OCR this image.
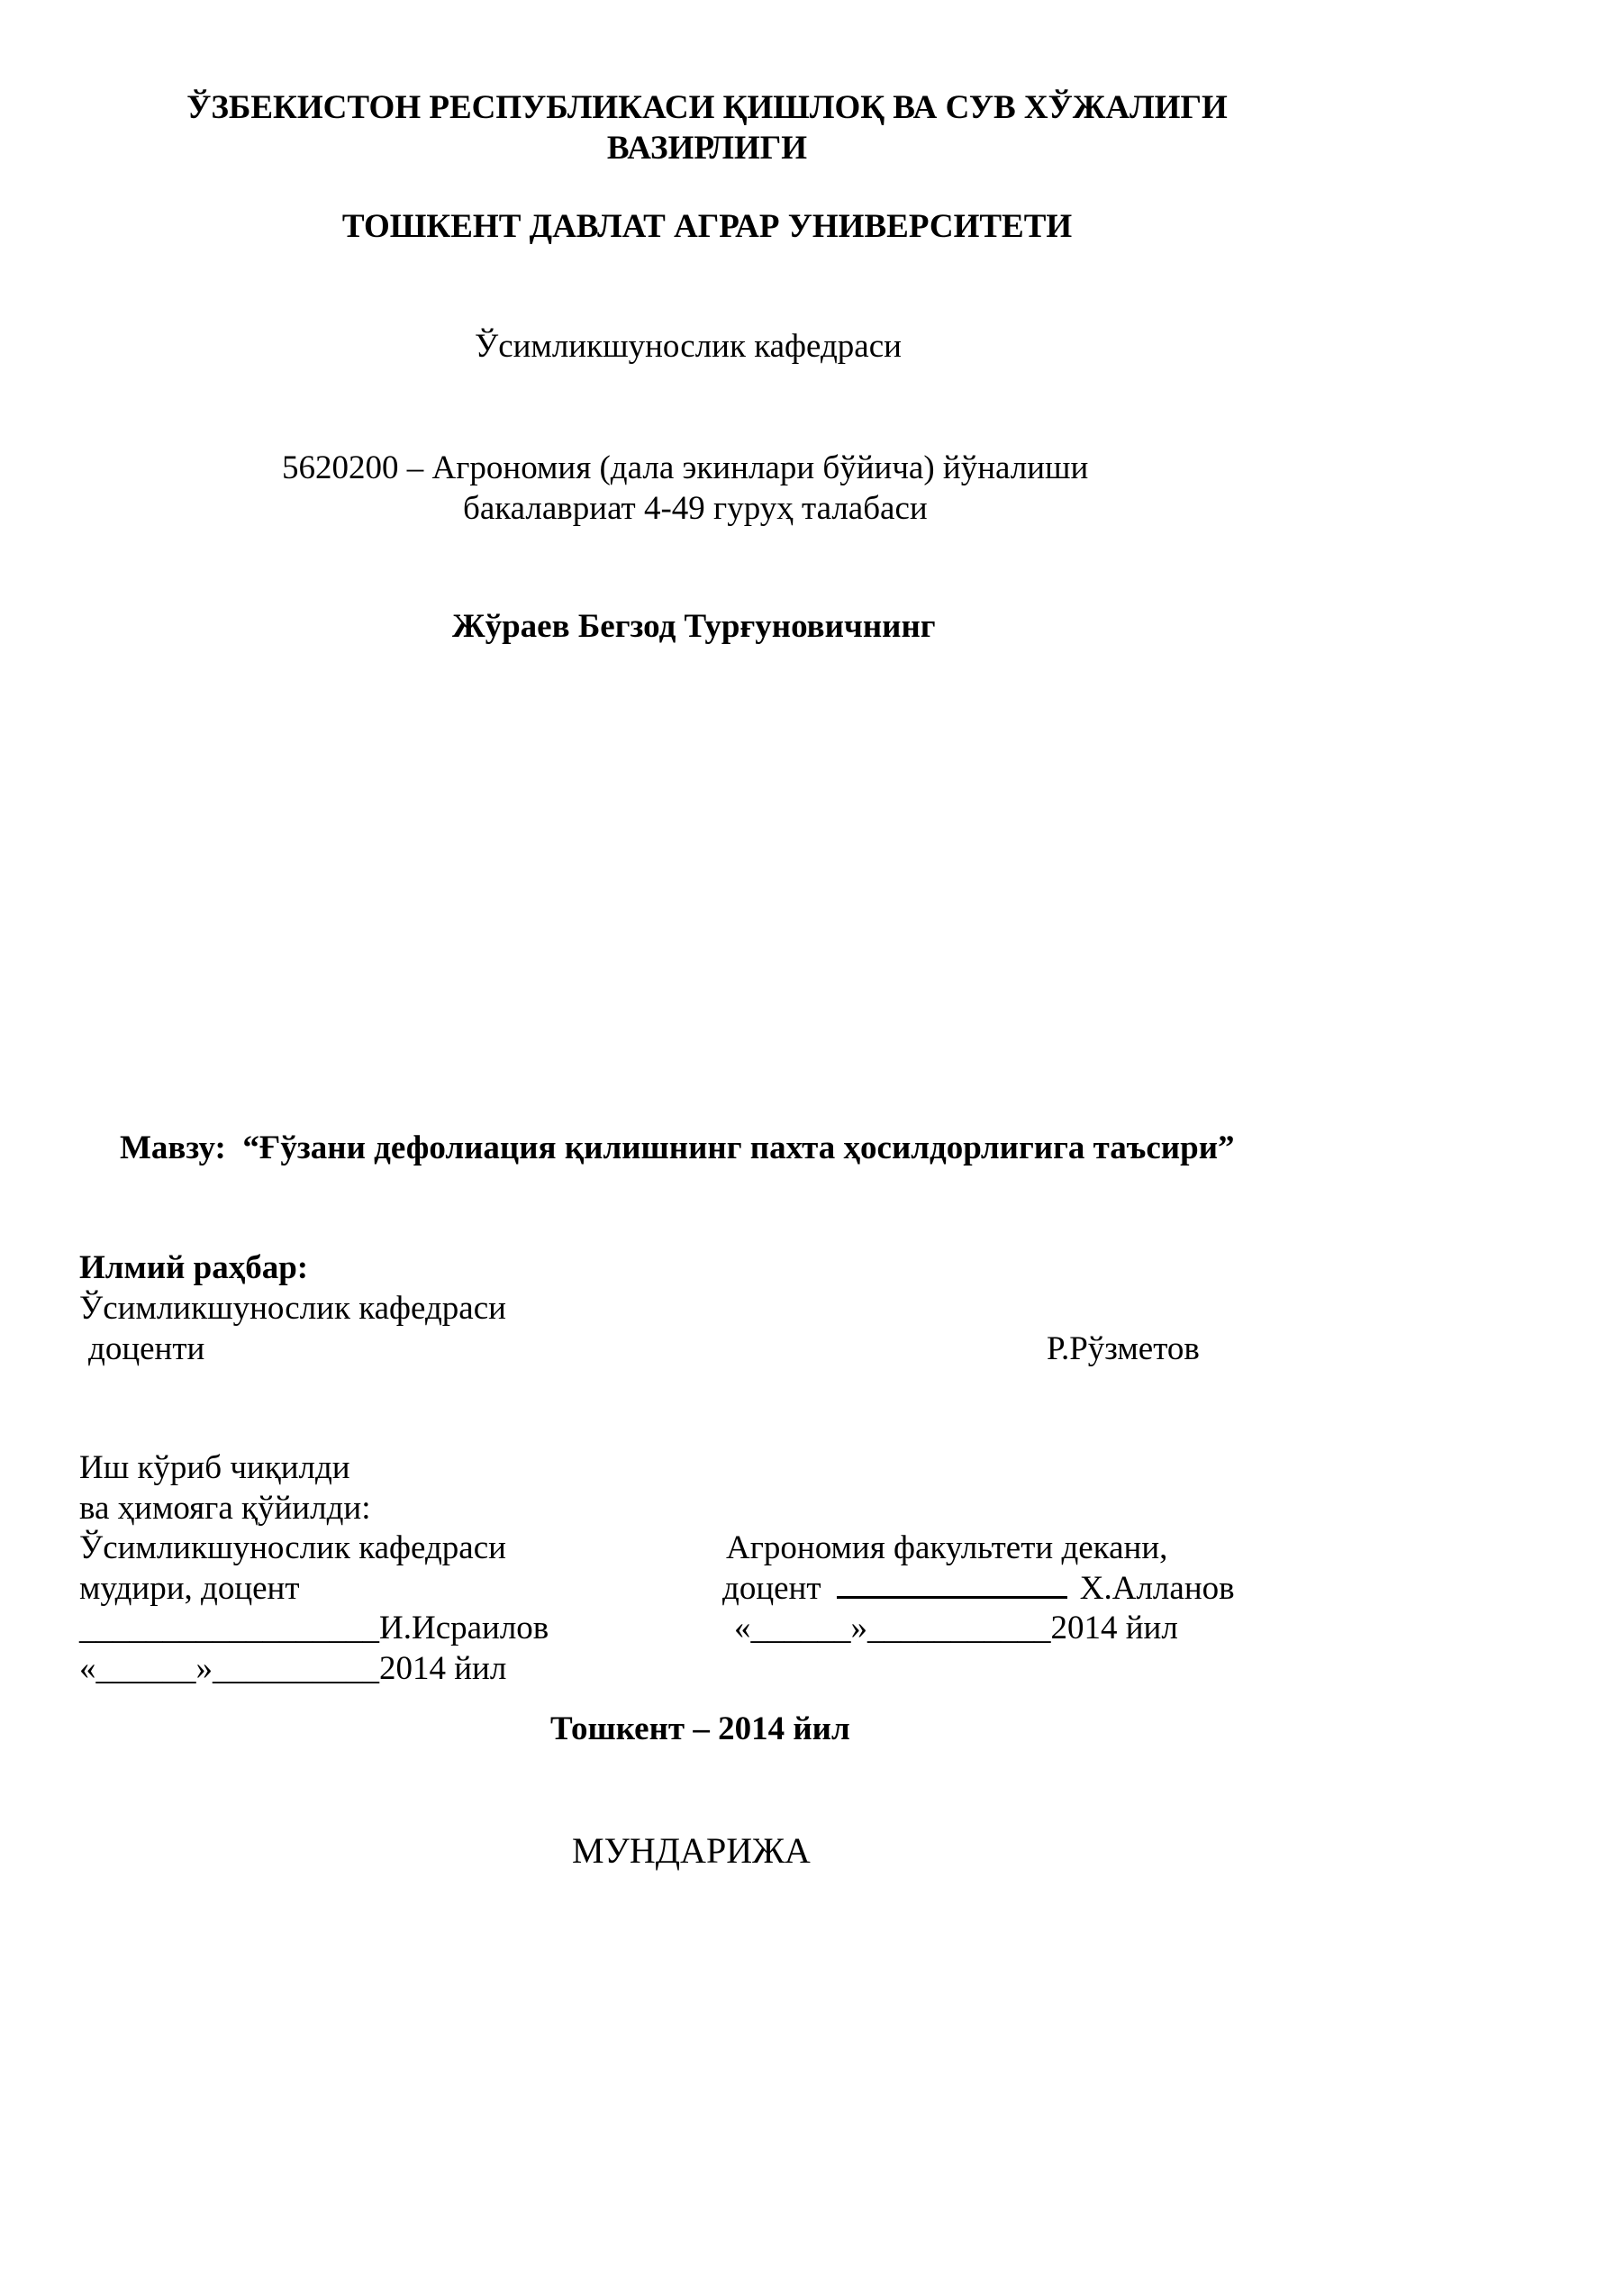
ЎЗБЕКИСТОН РЕСПУБЛИКАСИ ҚИШЛОҚ ВА СУВ ХЎЖАЛИГИ
ВАЗИРЛИГИ
ТОШКЕНТ ДАВЛАТ АГРАР УНИВЕРСИТЕТИ
Ўсимликшунослик кафедраси
5620200 – Агрономия (дала экинлари бўйича) йўналиши
бакалавриат 4-49 гуруҳ талабаси
Жўраев Бегзод Турғуновичнинг
Мавзу: “Ғўзани дефолиация қилишнинг пахта ҳосилдорлигига таъсири”
Илмий раҳбар:
Ўсимликшунослик кафедраси
доценти	Р.Рўзметов
Иш кўриб чиқилди
ва ҳимояга қўйилди:
Ўсимликшунослик кафедраси
мудири, доцент
__________________И.Исраилов
«______»__________2014 йил
Агрономия факультети декани,
доцент	Х.Алланов
«______»___________2014 йил
Тошкент – 2014 йил
МУНДАРИЖА
